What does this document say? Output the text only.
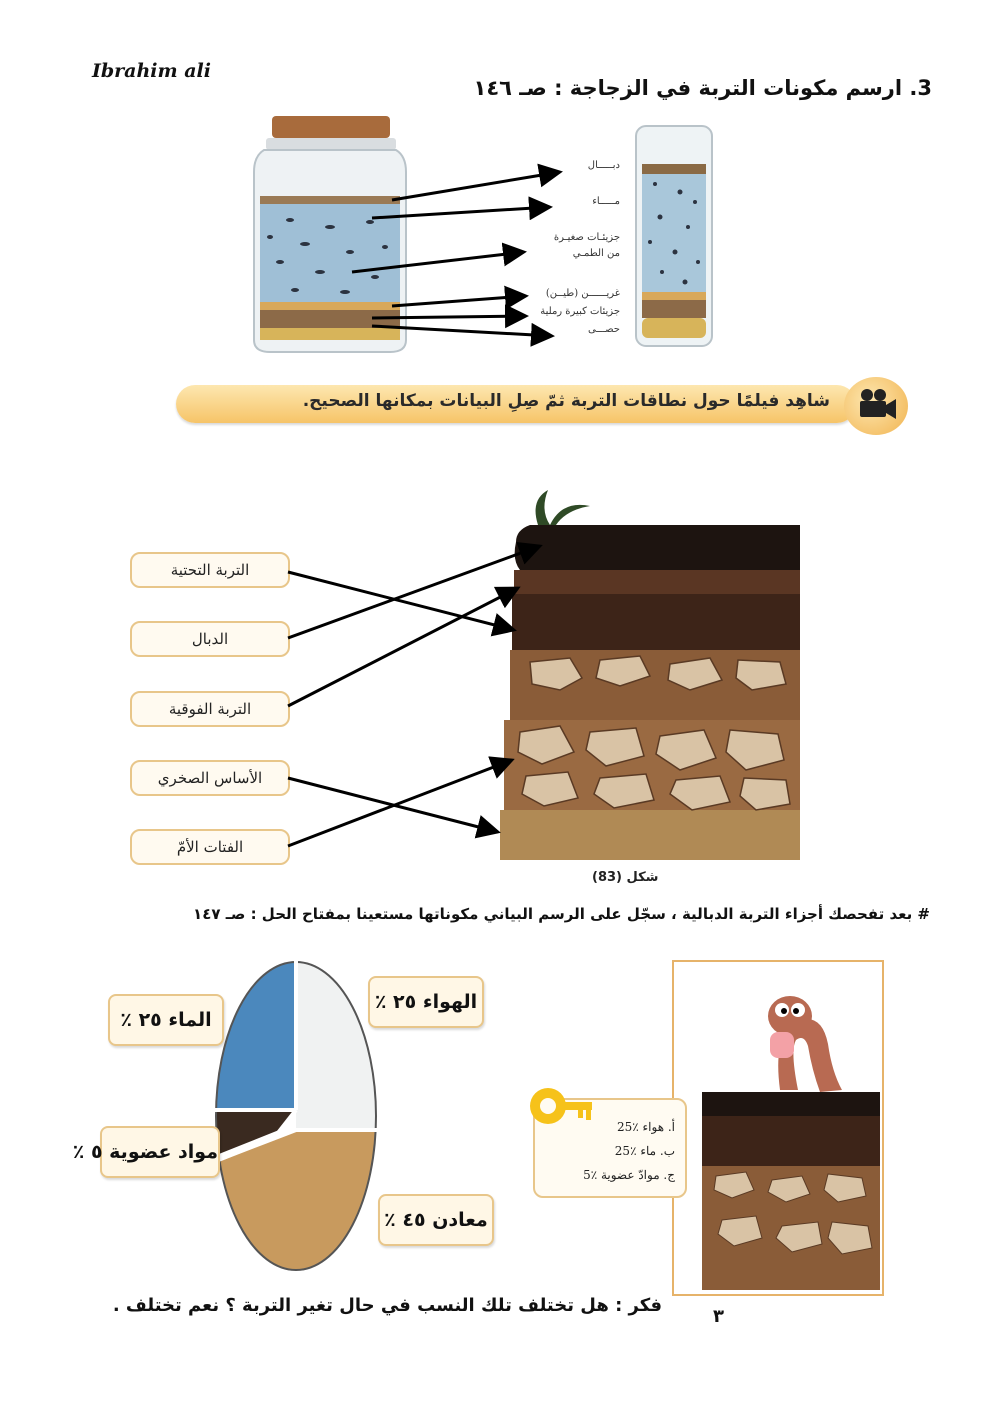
Ibrahim ali
3. ارسم مكونات التربة في الزجاجة : صـ ١٤٦
دبـــــال
مـــــاء
جزيئـات صغيـرة
من الطمـي
غريــــــن (طيــن)
جزيئات كبيرة رملية
حصـــى
شاهِد فيلمًا حول نطاقات التربة ثمّ صِلِ البيانات بمكانها الصحيح.
التربة التحتية
الدبال
التربة الفوقية
الأساس الصخري
الفتات الأمّ
شكل (83)
# بعد تفحصك أجزاء التربة الدبالية ، سجّل على الرسم البياني مكوناتها مستعينا بمفتاح الحل : صـ ١٤٧
الهواء ٢٥ ٪
الماء ٢٥ ٪
مواد عضوية ٥ ٪
معادن ٤٥ ٪
أ. هواء ٪25
ب. ماء ٪25
ج. موادّ عضوية ٪5
فكر : هل تختلف تلك النسب في حال تغير التربة ؟ نعم تختلف .
٣
